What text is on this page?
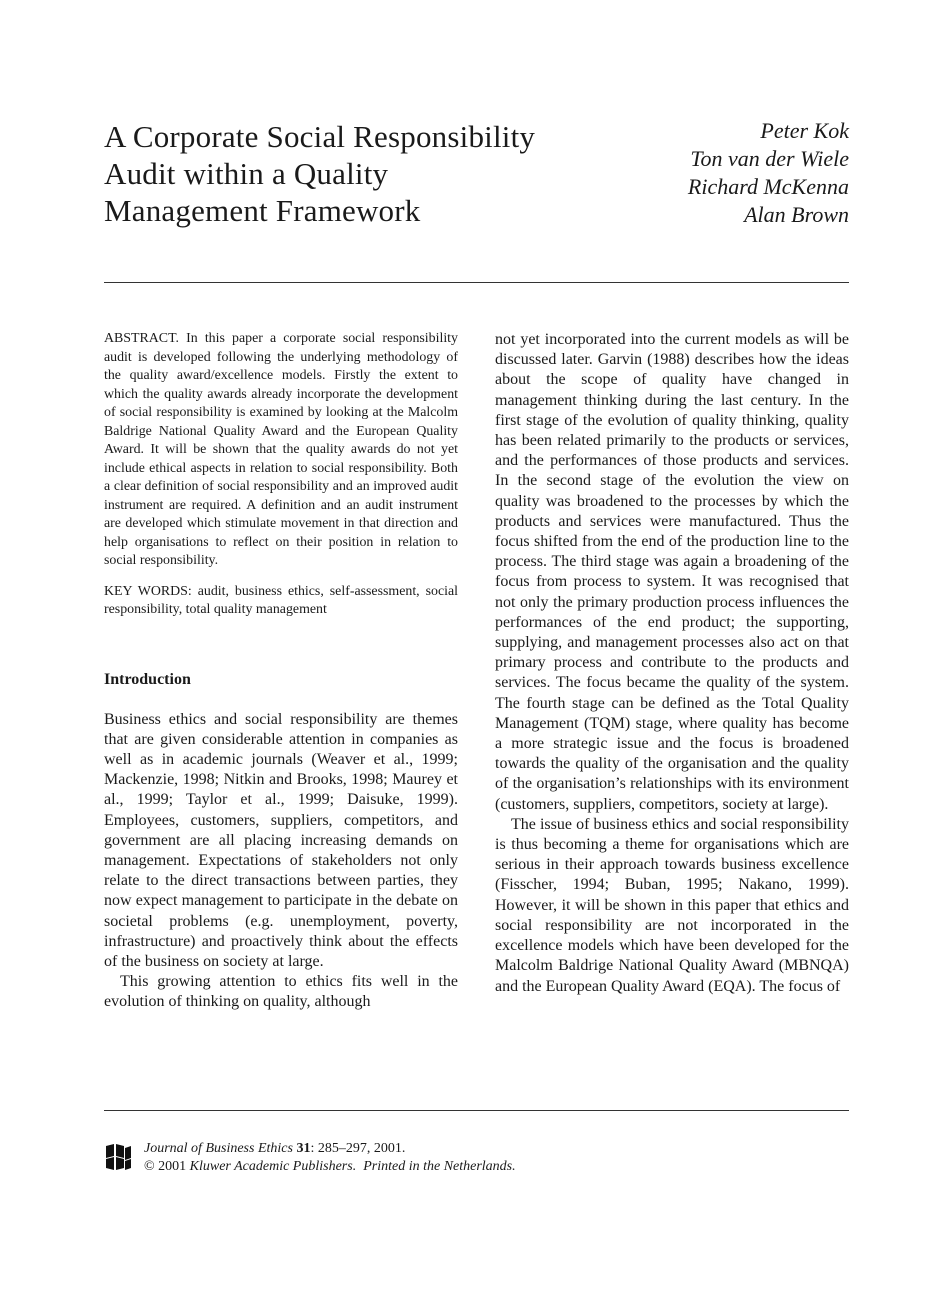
A Corporate Social Responsibility
Audit within a Quality
Management Framework
Peter Kok
Ton van der Wiele
Richard McKenna
Alan Brown

ABSTRACT. In this paper a corporate social responsibility audit is developed following the underlying methodology of the quality award/excellence models. Firstly the extent to which the quality awards already incorporate the development of social responsibility is examined by looking at the Malcolm Baldrige National Quality Award and the European Quality Award. It will be shown that the quality awards do not yet include ethical aspects in relation to social responsibility. Both a clear definition of social responsibility and an improved audit instrument are required. A definition and an audit instrument are developed which stimulate movement in that direction and help organisations to reflect on their position in relation to social responsibility.

KEY WORDS: audit, business ethics, self-assessment, social responsibility, total quality management

Introduction

Business ethics and social responsibility are themes that are given considerable attention in companies as well as in academic journals (Weaver et al., 1999; Mackenzie, 1998; Nitkin and Brooks, 1998; Maurey et al., 1999; Taylor et al., 1999; Daisuke, 1999). Employees, customers, suppliers, competitors, and government are all placing increasing demands on management. Expectations of stakeholders not only relate to the direct transactions between parties, they now expect management to participate in the debate on societal problems (e.g. unemployment, poverty, infrastructure) and proactively think about the effects of the business on society at large.

This growing attention to ethics fits well in the evolution of thinking on quality, although

not yet incorporated into the current models as will be discussed later. Garvin (1988) describes how the ideas about the scope of quality have changed in management thinking during the last century. In the first stage of the evolution of quality thinking, quality has been related primarily to the products or services, and the performances of those products and services. In the second stage of the evolution the view on quality was broadened to the processes by which the products and services were manufactured. Thus the focus shifted from the end of the production line to the process. The third stage was again a broadening of the focus from process to system. It was recognised that not only the primary production process influences the performances of the end product; the supporting, supplying, and management processes also act on that primary process and contribute to the products and services. The focus became the quality of the system. The fourth stage can be defined as the Total Quality Management (TQM) stage, where quality has become a more strategic issue and the focus is broadened towards the quality of the organisation and the quality of the organisation’s relationships with its environment (customers, suppliers, competitors, society at large).

The issue of business ethics and social responsibility is thus becoming a theme for organisations which are serious in their approach towards business excellence (Fisscher, 1994; Buban, 1995; Nakano, 1999). However, it will be shown in this paper that ethics and social responsibility are not incorporated in the excellence models which have been developed for the Malcolm Baldrige National Quality Award (MBNQA) and the European Quality Award (EQA). The focus of

Journal of Business Ethics 31: 285–297, 2001.
© 2001 Kluwer Academic Publishers. Printed in the Netherlands.
